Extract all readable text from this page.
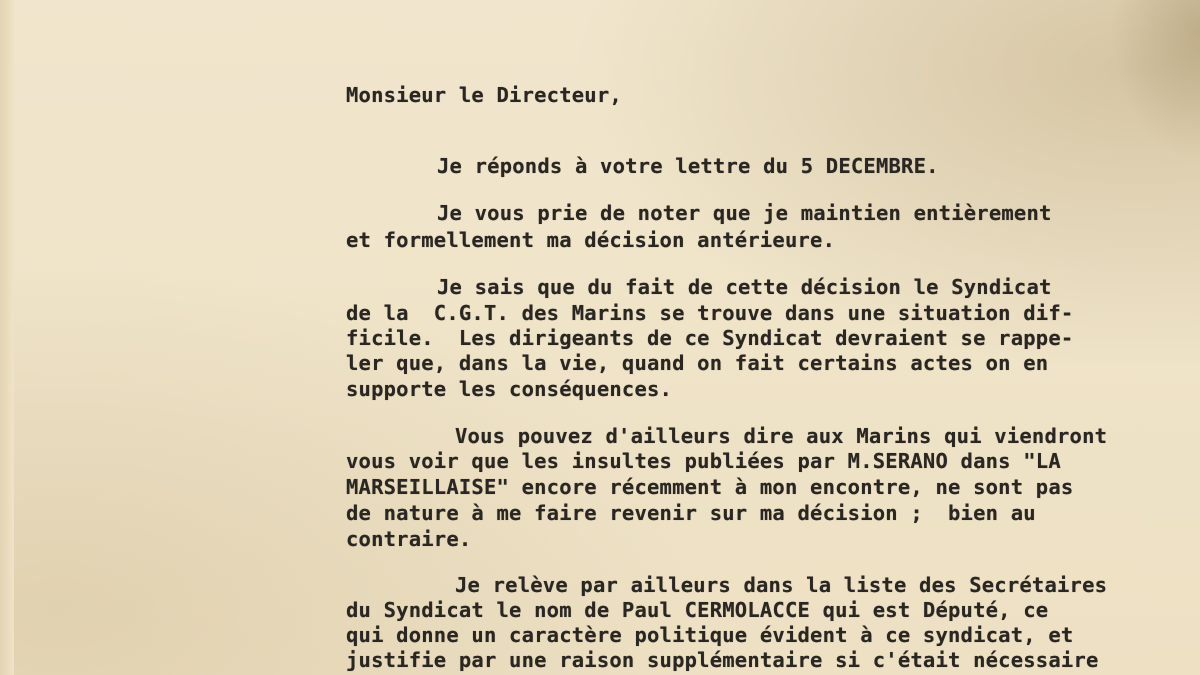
Monsieur le Directeur,
Je réponds à votre lettre du 5 DECEMBRE.
Je vous prie de noter que je maintien entièrement
et formellement ma décision antérieure.
Je sais que du fait de cette décision le Syndicat
de la  C.G.T. des Marins se trouve dans une situation dif-
ficile.  Les dirigeants de ce Syndicat devraient se rappe-
ler que, dans la vie, quand on fait certains actes on en
supporte les conséquences.
Vous pouvez d'ailleurs dire aux Marins qui viendront
vous voir que les insultes publiées par M.SERANO dans "LA
MARSEILLAISE" encore récemment à mon encontre, ne sont pas
de nature à me faire revenir sur ma décision ;  bien au
contraire.
Je relève par ailleurs dans la liste des Secrétaires
du Syndicat le nom de Paul CERMOLACCE qui est Député, ce
qui donne un caractère politique évident à ce syndicat, et
justifie par une raison supplémentaire si c'était nécessaire
